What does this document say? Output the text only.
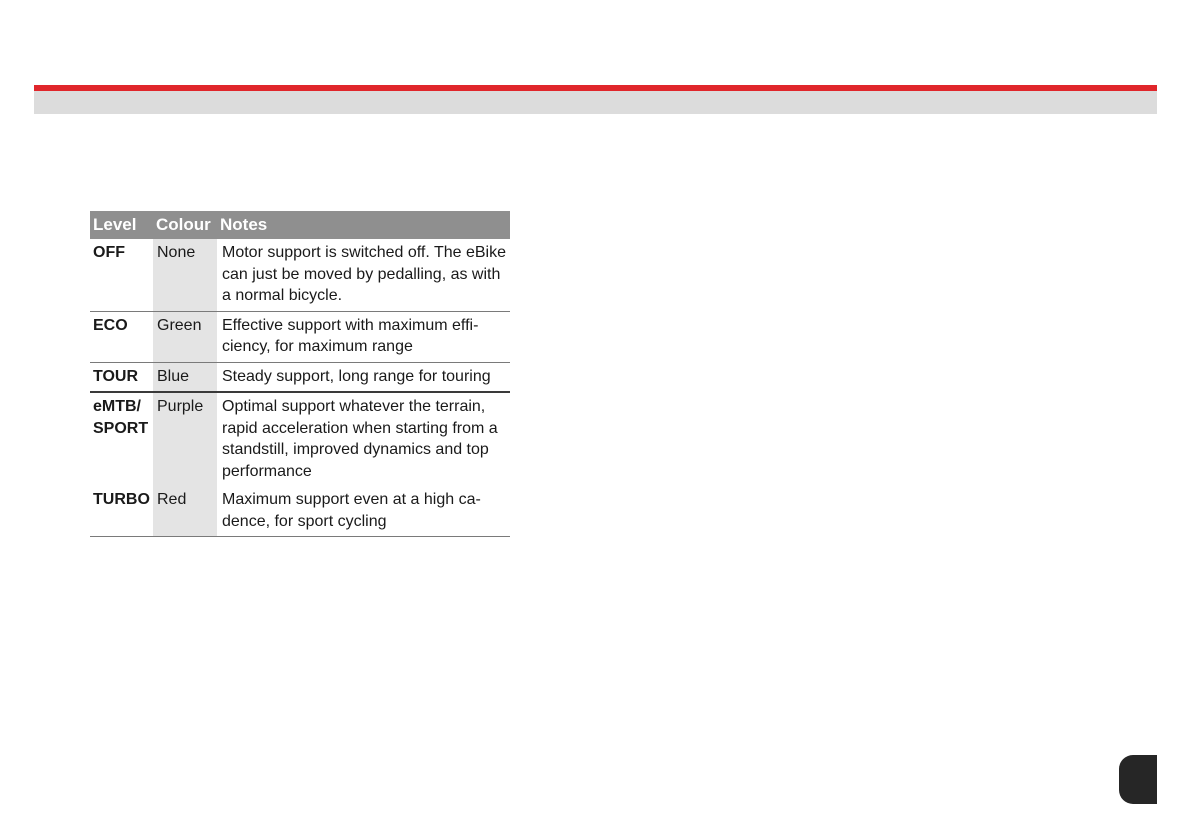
Level	Colour	Notes
OFF	None	Motor support is switched off. The eBike can just be moved by pedalling, as with a normal bicycle.
ECO	Green	Effective support with maximum effi-ciency, for maximum range
TOUR	Blue	Steady support, long range for touring
eMTB/ SPORT	Purple	Optimal support whatever the terrain, rapid acceleration when starting from a standstill, improved dynamics and top performance
TURBO	Red	Maximum support even at a high ca-dence, for sport cycling
